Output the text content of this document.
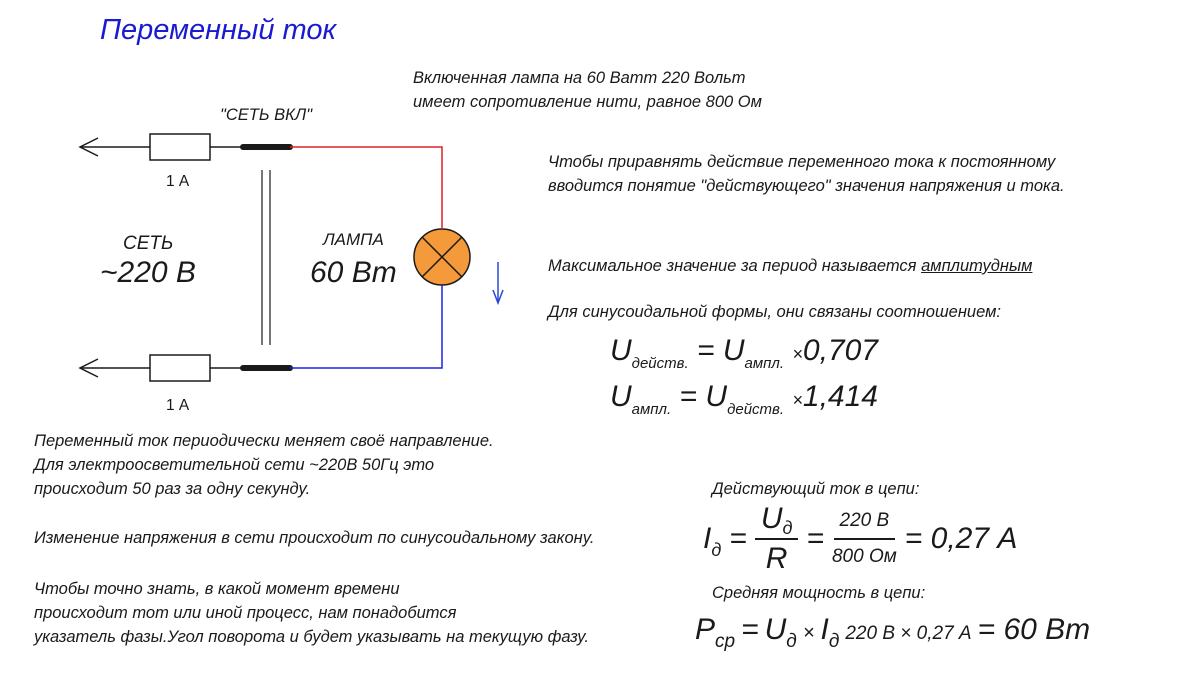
Переменный ток
"СЕТЬ ВКЛ"
1 А
1 А
СЕТЬ
~220 В
ЛАМПА
60 Вт
Включенная лампа на 60 Ватт 220 Вольт
имеет сопротивление нити, равное 800 Ом
Чтобы приравнять действие переменного тока к постоянному
вводится понятие "действующего" значения напряжения и тока.
Максимальное значение за период называется амплитудным
Для синусоидальной формы, они связаны соотношением:
$U_{действ.} = U_{ампл.} \times 0,707$
$U_{ампл.} = U_{действ.} \times 1,414$
Переменный ток периодически меняет своё направление.
Для электроосветительной сети ~220В 50Гц это
происходит 50 раз за одну секунду.
Изменение напряжения в сети происходит по синусоидальному закону.
Чтобы точно знать, в какой момент времени
происходит тот или иной процесс, нам понадобится
указатель фазы.Угол поворота и будет указывать на текущую фазу.
Действующий ток в цепи:
$I_д = \frac{U_д}{R} = \frac{220 В}{800 Ом} = 0,27$ А
Средняя мощность в цепи:
$P_{ср} = U_д \times I_д$ 220 В × 0,27 А = 60 Вт
